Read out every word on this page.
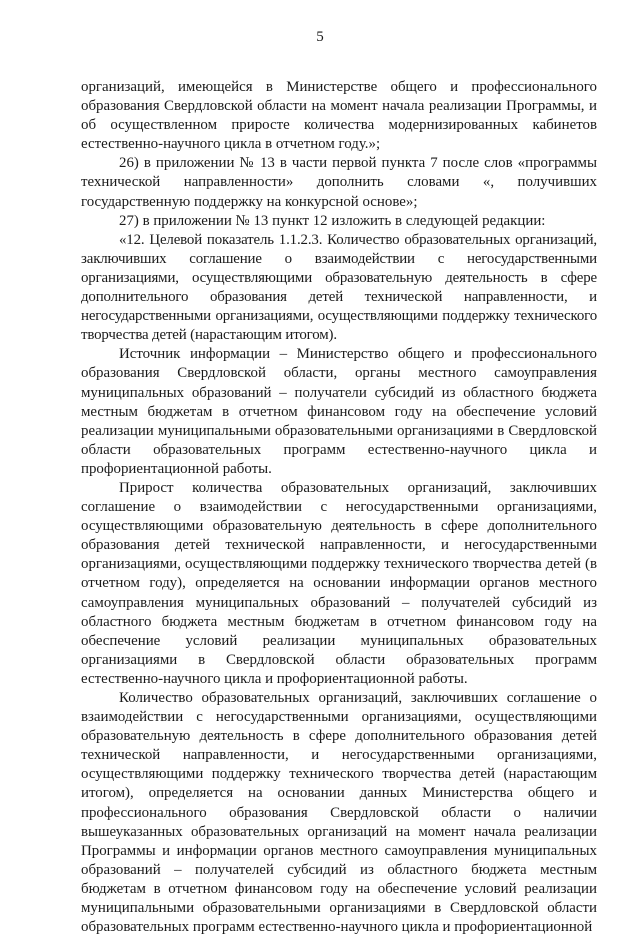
5

организаций, имеющейся в Министерстве общего и профессионального образования Свердловской области на момент начала реализации Программы, и об осуществленном приросте количества модернизированных кабинетов естественно-научного цикла в отчетном году.»;

26) в приложении № 13 в части первой пункта 7 после слов «программы технической направленности» дополнить словами «, получивших государственную поддержку на конкурсной основе»;

27) в приложении № 13 пункт 12 изложить в следующей редакции:

«12. Целевой показатель 1.1.2.3. Количество образовательных организаций, заключивших соглашение о взаимодействии с негосударственными организациями, осуществляющими образовательную деятельность в сфере дополнительного образования детей технической направленности, и негосударственными организациями, осуществляющими поддержку технического творчества детей (нарастающим итогом).

Источник информации – Министерство общего и профессионального образования Свердловской области, органы местного самоуправления муниципальных образований – получатели субсидий из областного бюджета местным бюджетам в отчетном финансовом году на обеспечение условий реализации муниципальными образовательными организациями в Свердловской области образовательных программ естественно-научного цикла и профориентационной работы.

Прирост количества образовательных организаций, заключивших соглашение о взаимодействии с негосударственными организациями, осуществляющими образовательную деятельность в сфере дополнительного образования детей технической направленности, и негосударственными организациями, осуществляющими поддержку технического творчества детей (в отчетном году), определяется на основании информации органов местного самоуправления муниципальных образований – получателей субсидий из областного бюджета местным бюджетам в отчетном финансовом году на обеспечение условий реализации муниципальных образовательных организациями в Свердловской области образовательных программ естественно-научного цикла и профориентационной работы.

Количество образовательных организаций, заключивших соглашение о взаимодействии с негосударственными организациями, осуществляющими образовательную деятельность в сфере дополнительного образования детей технической направленности, и негосударственными организациями, осуществляющими поддержку технического творчества детей (нарастающим итогом), определяется на основании данных Министерства общего и профессионального образования Свердловской области о наличии вышеуказанных образовательных организаций на момент начала реализации Программы и информации органов местного самоуправления муниципальных образований – получателей субсидий из областного бюджета местным бюджетам в отчетном финансовом году на обеспечение условий реализации муниципальными образовательными организациями в Свердловской области образовательных программ естественно-научного цикла и профориентационной
